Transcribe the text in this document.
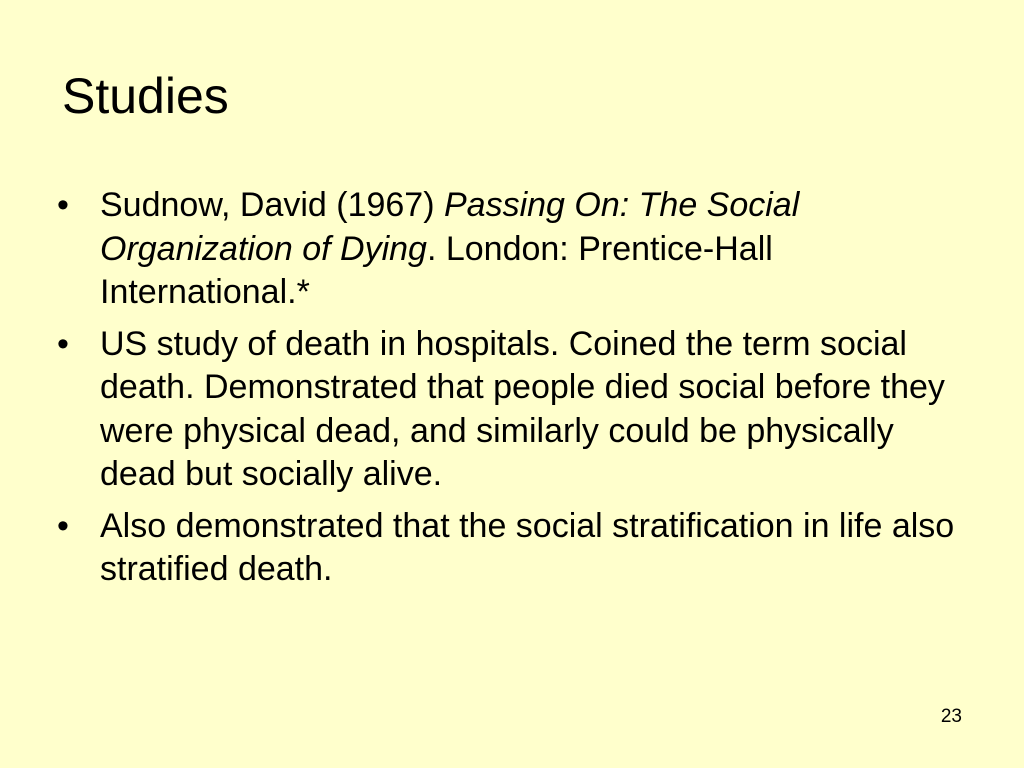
Studies
• Sudnow, David (1967) Passing On: The Social Organization of Dying. London: Prentice-Hall International.*
• US study of death in hospitals. Coined the term social death. Demonstrated that people died social before they were physical dead, and similarly could be physically dead but socially alive.
• Also demonstrated that the social stratification in life also stratified death.
23
